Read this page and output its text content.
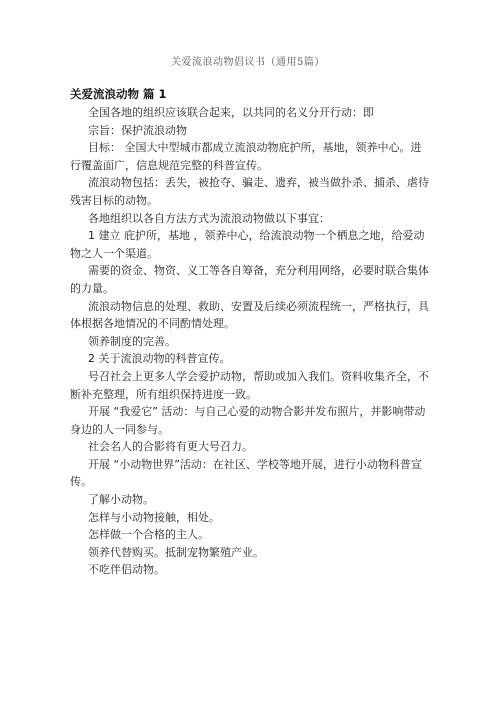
关爱流浪动物倡议书（通用5篇）
关爱流浪动物 篇 1

全国各地的组织应该联合起来，以共同的名义分开行动：即

宗旨：保护流浪动物

目标： 全国大中型城市都成立流浪动物庇护所，基地，领养中心。进行覆盖面广，信息规范完整的科普宣传。

流浪动物包括：丢失，被抢夺、骗走、遗弃，被当做扑杀、捕杀、虐待残害目标的动物。

各地组织以各自方法方式为流浪动物做以下事宜：

1 建立 庇护所，基地 ，领养中心，给流浪动物一个栖息之地，给爱动物之人一个渠道。

需要的资金、物资、义工等各自筹备，充分利用网络，必要时联合集体的力量。

流浪动物信息的处理、救助、安置及后续必须流程统一，严格执行，具体根据各地情况的不同酌情处理。

领养制度的完善。

2 关于流浪动物的科普宣传。

号召社会上更多人学会爱护动物，帮助或加入我们。资料收集齐全，不断补充整理，所有组织保持进度一致。

开展 “我爱它” 活动：与自己心爱的动物合影并发布照片，并影响带动身边的人一同参与。

社会名人的合影将有更大号召力。

开展 “小动物世界”活动：在社区、学校等地开展，进行小动物科普宣传。

了解小动物。

怎样与小动物接触，相处。

怎样做一个合格的主人。

领养代替购买。抵制宠物繁殖产业。

不吃伴侣动物。
